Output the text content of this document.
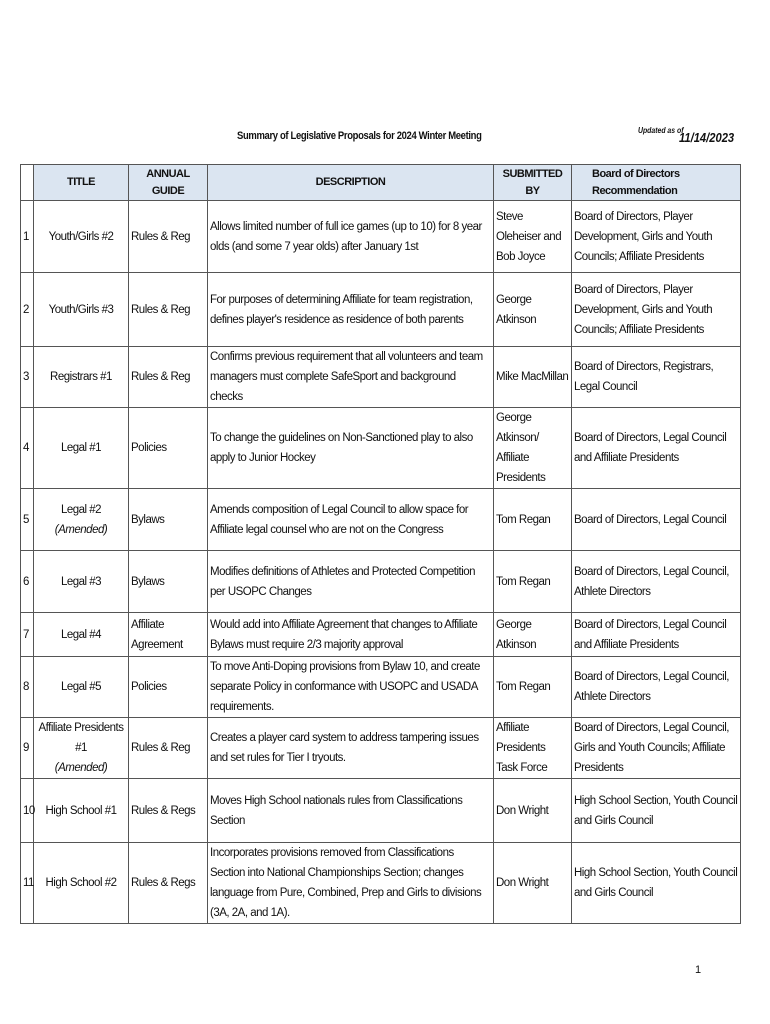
Summary of Legislative Proposals for 2024 Winter Meeting	Updated as of
11/14/2023
	TITLE	ANNUAL GUIDE	DESCRIPTION	SUBMITTED BY	Board of Directors Recommendation
1	Youth/Girls #2	Rules & Reg	Allows limited number of full ice games (up to 10) for 8 year olds (and some 7 year olds) after January 1st	Steve Oleheiser and Bob Joyce	Board of Directors, Player Development, Girls and Youth Councils; Affiliate Presidents
2	Youth/Girls #3	Rules & Reg	For purposes of determining Affiliate for team registration, defines player's residence as residence of both parents	George Atkinson	Board of Directors, Player Development, Girls and Youth Councils; Affiliate Presidents
3	Registrars #1	Rules & Reg	Confirms previous requirement that all volunteers and team managers must complete SafeSport and background checks	Mike MacMillan	Board of Directors, Registrars, Legal Council
4	Legal #1	Policies	To change the guidelines on Non-Sanctioned play to also apply to Junior Hockey	George Atkinson/ Affiliate Presidents	Board of Directors, Legal Council and Affiliate Presidents
5	Legal #2
(Amended)	Bylaws	Amends composition of Legal Council to allow space for Affiliate legal counsel who are not on the Congress	Tom Regan	Board of Directors, Legal Council
6	Legal #3	Bylaws	Modifies definitions of Athletes and Protected Competition per USOPC Changes	Tom Regan	Board of Directors, Legal Council, Athlete Directors
7	Legal #4	Affiliate Agreement	Would add into Affiliate Agreement that changes to Affiliate Bylaws must require 2/3 majority approval	George Atkinson	Board of Directors, Legal Council and Affiliate Presidents
8	Legal #5	Policies	To move Anti-Doping provisions from Bylaw 10, and create separate Policy in conformance with USOPC and USADA requirements.	Tom Regan	Board of Directors, Legal Council, Athlete Directors
9	Affiliate Presidents #1
(Amended)	Rules & Reg	Creates a player card system to address tampering issues and set rules for Tier I tryouts.	Affiliate Presidents Task Force	Board of Directors, Legal Council, Girls and Youth Councils; Affiliate Presidents
10	High School #1	Rules & Regs	Moves High School nationals rules from Classifications Section	Don Wright	High School Section, Youth Council and Girls Council
11	High School #2	Rules & Regs	Incorporates provisions removed from Classifications Section into National Championships Section; changes language from Pure, Combined, Prep and Girls to divisions (3A, 2A, and 1A).	Don Wright	High School Section, Youth Council and Girls Council
1
